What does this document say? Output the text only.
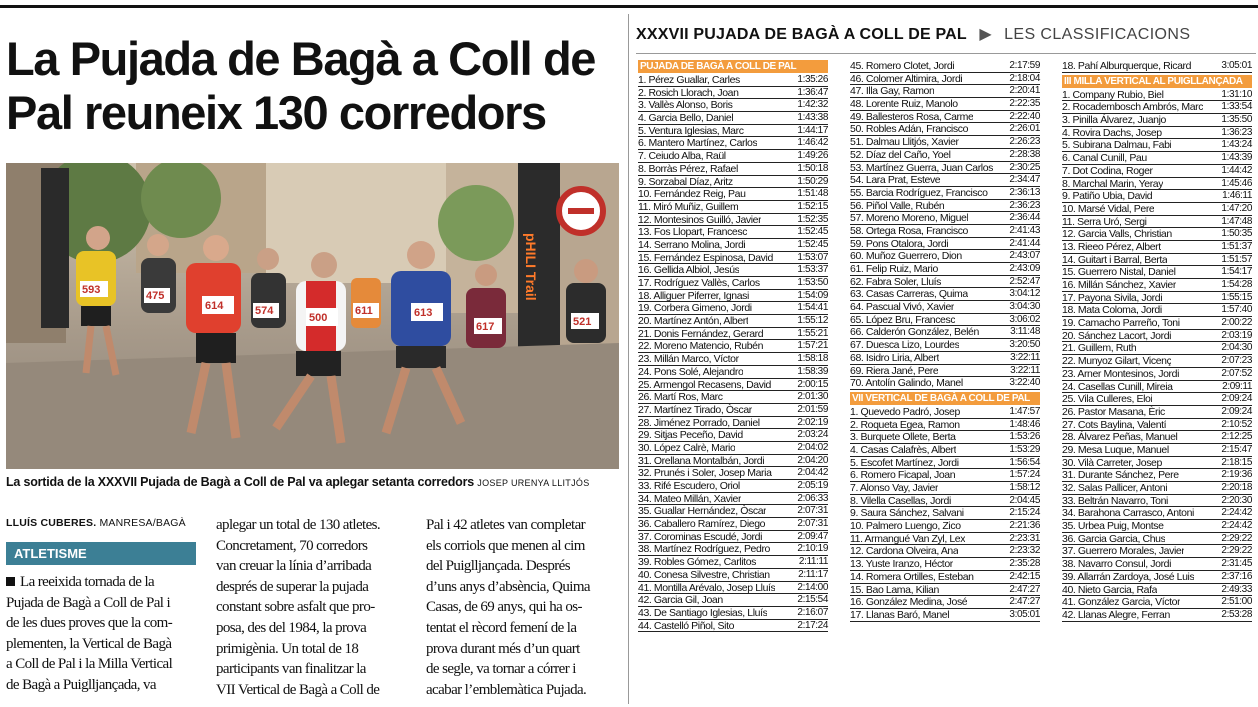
La Pujada de Bagà a Coll de
Pal reuneix 130 corredors
pHILI Trail
614
500	613
617
593
521
475
574	611
La sortida de la XXXVII Pujada de Bagà a Coll de Pal va aplegar setanta corredors JOSEP URENYA LLITJÓS
LLUÍS CUBERES. MANRESA/BAGÀ
ATLETISME
La reeixida tornada de la
Pujada de Bagà a Coll de Pal i
de les dues proves que la com-
plementen, la Vertical de Bagà
a Coll de Pal i la Milla Vertical
de Bagà a Puiglljançada, va
aplegar un total de 130 atletes.
Concretament, 70 corredors
van creuar la línia d’arribada
després de superar la pujada
constant sobre asfalt que pro-
posa, des del 1984, la prova
primigènia. Un total de 18
participants van finalitzar la
VII Vertical de Bagà a Coll de
Pal i 42 atletes van completar
els corriols que menen al cim
del Puiglljançada. Després
d’uns anys d’absència, Quima
Casas, de 69 anys, qui ha os-
tentat el rècord femení de la
prova durant més d’un quart
de segle, va tornar a córrer i
acabar l’emblemàtica Pujada.
XXXVII PUJADA DE BAGÀ A COLL DE PAL ▶ LES CLASSIFICACIONS
PUJADA DE BAGÀ A COLL DE PAL
1. Pérez Guallar, Carles	1:35:26
2. Rosich Llorach, Joan	1:36:47
3. Vallès Alonso, Boris	1:42:32
4. Garcia Bello, Daniel	1:43:38
5. Ventura Iglesias, Marc	1:44:17
6. Mantero Martínez, Carlos	1:46:42
7. Ceiudo Alba, Raül	1:49:26
8. Borràs Pérez, Rafael	1:50:18
9. Sorzabal Díaz, Aritz	1:50:29
10. Fernández Reig, Pau	1:51:48
11. Miró Muñiz, Guillem	1:52:15
12. Montesinos Guilló, Javier	1:52:35
13. Fos Llopart, Francesc	1:52:45
14. Serrano Molina, Jordi	1:52:45
15. Fernández Espinosa, David 1:53:07
16. Gellida Albiol, Jesús	1:53:37
17. Rodríguez Vallès, Carlos	1:53:50
18. Alliguer Piferrer, Ignasi	1:54:09
19. Corbera Gimeno, Jordi	1:54:41
20. Martínez Antón, Albert	1:55:12
21. Donis Fernández, Gerard	1:55:21
22. Moreno Matencio, Rubén	1:57:21
23. Millán Marco, Víctor	1:58:18
24. Pons Solé, Alejandro	1:58:39
25. Armengol Recasens, David	2:00:15
26. Martí Ros, Marc	2:01:30
27. Martínez Tirado, Òscar	2:01:59
28. Jiménez Porrado, Daniel	2:02:19
29. Sitjas Peceño, David	2:03:24
30. López Calrè, Mario	2:04:02
31. Orellana Montalbán, Jordi	2:04:20
32. Prunés i Soler, Josep Maria	2:04:42
33. Rifé Escudero, Oriol	2:05:19
34. Mateo Millán, Xavier	2:06:33
35. Guallar Hernández, Òscar	2:07:31
36. Caballero Ramírez, Diego	2:07:31
37. Corominas Escudé, Jordi	2:09:47
38. Martínez Rodríguez, Pedro	2:10:19
39. Robles Gómez, Carlitos	2:11:11
40. Conesa Silvestre, Christian	2:11:17
41. Montilla Arévalo, Josep Lluís 2:14:00
42. Garcia Gil, Joan	2:15:54
43. De Santiago Iglesias, Lluís	2:16:07
44. Castelló Piñol, Sito	2:17:24
45. Romero Clotet, Jordi	2:17:59
46. Colomer Altimira, Jordi	2:18:04
47. Illa Gay, Ramon	2:20:41
48. Lorente Ruiz, Manolo	2:22:35
49. Ballesteros Rosa, Carme	2:22:40
50. Robles Adán, Francisco	2:26:01
51. Dalmau Llitjós, Xavier	2:26:23
52. Díaz del Caño, Yoel	2:28:38
53. Martínez Guerra, Juan Carlos 2:30:25
54. Lara Prat, Esteve	2:34:47
55. Barcia Rodríguez, Francisco 2:36:13
56. Piñol Valle, Rubén	2:36:23
57. Moreno Moreno, Miguel	2:36:44
58. Ortega Rosa, Francisco	2:41:43
59. Pons Otalora, Jordi	2:41:44
60. Muñoz Guerrero, Dion	2:43:07
61. Felip Ruiz, Mario	2:43:09
62. Fabra Soler, Lluís	2:52:47
63. Casas Carreras, Quima	3:04:12
64. Pascual Vivó, Xavier	3:04:30
65. López Bru, Francesc	3:06:02
66. Calderón González, Belén	3:11:48
67. Duesca Lizo, Lourdes	3:20:50
68. Isidro Liria, Albert	3:22:11
69. Riera Jané, Pere	3:22:11
70. Antolín Galindo, Manel	3:22:40
VII VERTICAL DE BAGÀ A COLL DE PAL
1. Quevedo Padró, Josep	1:47:57
2. Roqueta Egea, Ramon	1:48:46
3. Burquete Ollete, Berta	1:53:26
4. Casas Calafrès, Albert	1:53:29
5. Escofet Martínez, Jordi	1:56:54
6. Romero Ficapal, Joan	1:57:24
7. Alonso Vay, Javier	1:58:12
8. Vilella Casellas, Jordi	2:04:45
9. Saura Sánchez, Salvani	2:15:24
10. Palmero Luengo, Zico	2:21:36
11. Armangué Van Zyl, Lex	2:23:31
12. Cardona Olveira, Ana	2:23:32
13. Yuste Iranzo, Héctor	2:35:28
14. Romera Ortilles, Esteban	2:42:15
15. Bao Lama, Kilian	2:47:27
16. González Medina, José	2:47:27
17. Llanas Baró, Manel	3:05:01
18. Pahí Alburquerque, Ricard	3:05:01
III MILLA VERTICAL AL PUIGLLANÇADA
1. Company Rubio, Biel	1:31:10
2. Rocadembosch Ambrós, Marc 1:33:54
3. Pinilla Álvarez, Juanjo	1:35:50
4. Rovira Dachs, Josep	1:36:23
5. Subirana Dalmau, Fabi	1:43:24
6. Canal Cunill, Pau	1:43:39
7. Dot Codina, Roger	1:44:42
8. Marchal Marin, Yeray	1:45:46
9. Patiño Ubia, David	1:46:11
10. Marsé Vidal, Pere	1:47:20
11. Serra Uró, Sergi	1:47:48
12. Garcia Valls, Christian	1:50:35
13. Rieeo Pérez, Albert	1:51:37
14. Guitart i Barral, Berta	1:51:57
15. Guerrero Nistal, Daniel	1:54:17
16. Millán Sánchez, Xavier	1:54:28
17. Payona Sivila, Jordi	1:55:15
18. Mata Coloma, Jordi	1:57:40
19. Camacho Parreño, Toni	2:00:22
20. Sánchez Lacort, Jordi	2:03:19
21. Guillem, Ruth	2:04:30
22. Munyoz Gilart, Vicenç	2:07:23
23. Arner Montesinos, Jordi	2:07:52
24. Casellas Cunill, Mireia	2:09:11
25. Vila Culleres, Eloi	2:09:24
26. Pastor Masana, Èric	2:09:24
27. Cots Baylina, Valentí	2:10:52
28. Álvarez Peñas, Manuel	2:12:25
29. Mesa Luque, Manuel	2:15:47
30. Vilà Carreter, Josep	2:18:15
31. Durante Sánchez, Pere	2:19:36
32. Salas Pallicer, Antoni	2:20:18
33. Beltrán Navarro, Toni	2:20:30
34. Barahona Carrasco, Antoni	2:24:42
35. Urbea Puig, Montse	2:24:42
36. Garcia Garcia, Chus	2:29:22
37. Guerrero Morales, Javier	2:29:22
38. Navarro Consul, Jordi	2:31:45
39. Allarrán Zardoya, José Luis	2:37:16
40. Nieto Garcia, Rafa	2:49:33
41. González Garcia, Víctor	2:51:00
42. Llanas Alegre, Ferran	2:53:28
